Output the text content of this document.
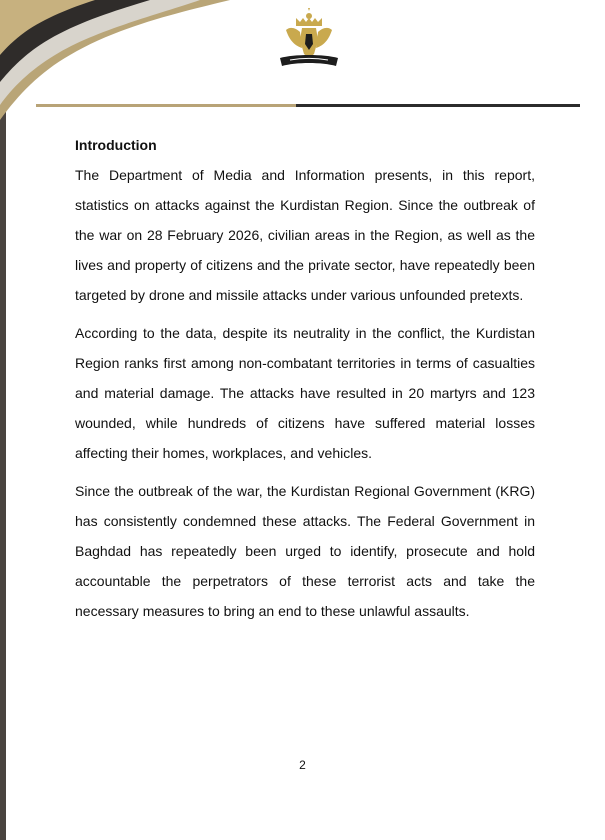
Introduction

The Department of Media and Information presents, in this report, statistics on attacks against the Kurdistan Region. Since the outbreak of the war on 28 February 2026, civilian areas in the Region, as well as the lives and property of citizens and the private sector, have repeatedly been targeted by drone and missile attacks under various unfounded pretexts.

According to the data, despite its neutrality in the conflict, the Kurdistan Region ranks first among non-combatant territories in terms of casualties and material damage. The attacks have resulted in 20 martyrs and 123 wounded, while hundreds of citizens have suffered material losses affecting their homes, workplaces, and vehicles.

Since the outbreak of the war, the Kurdistan Regional Government (KRG) has consistently condemned these attacks. The Federal Government in Baghdad has repeatedly been urged to identify, prosecute and hold accountable the perpetrators of these terrorist acts and take the necessary measures to bring an end to these unlawful assaults.

2
